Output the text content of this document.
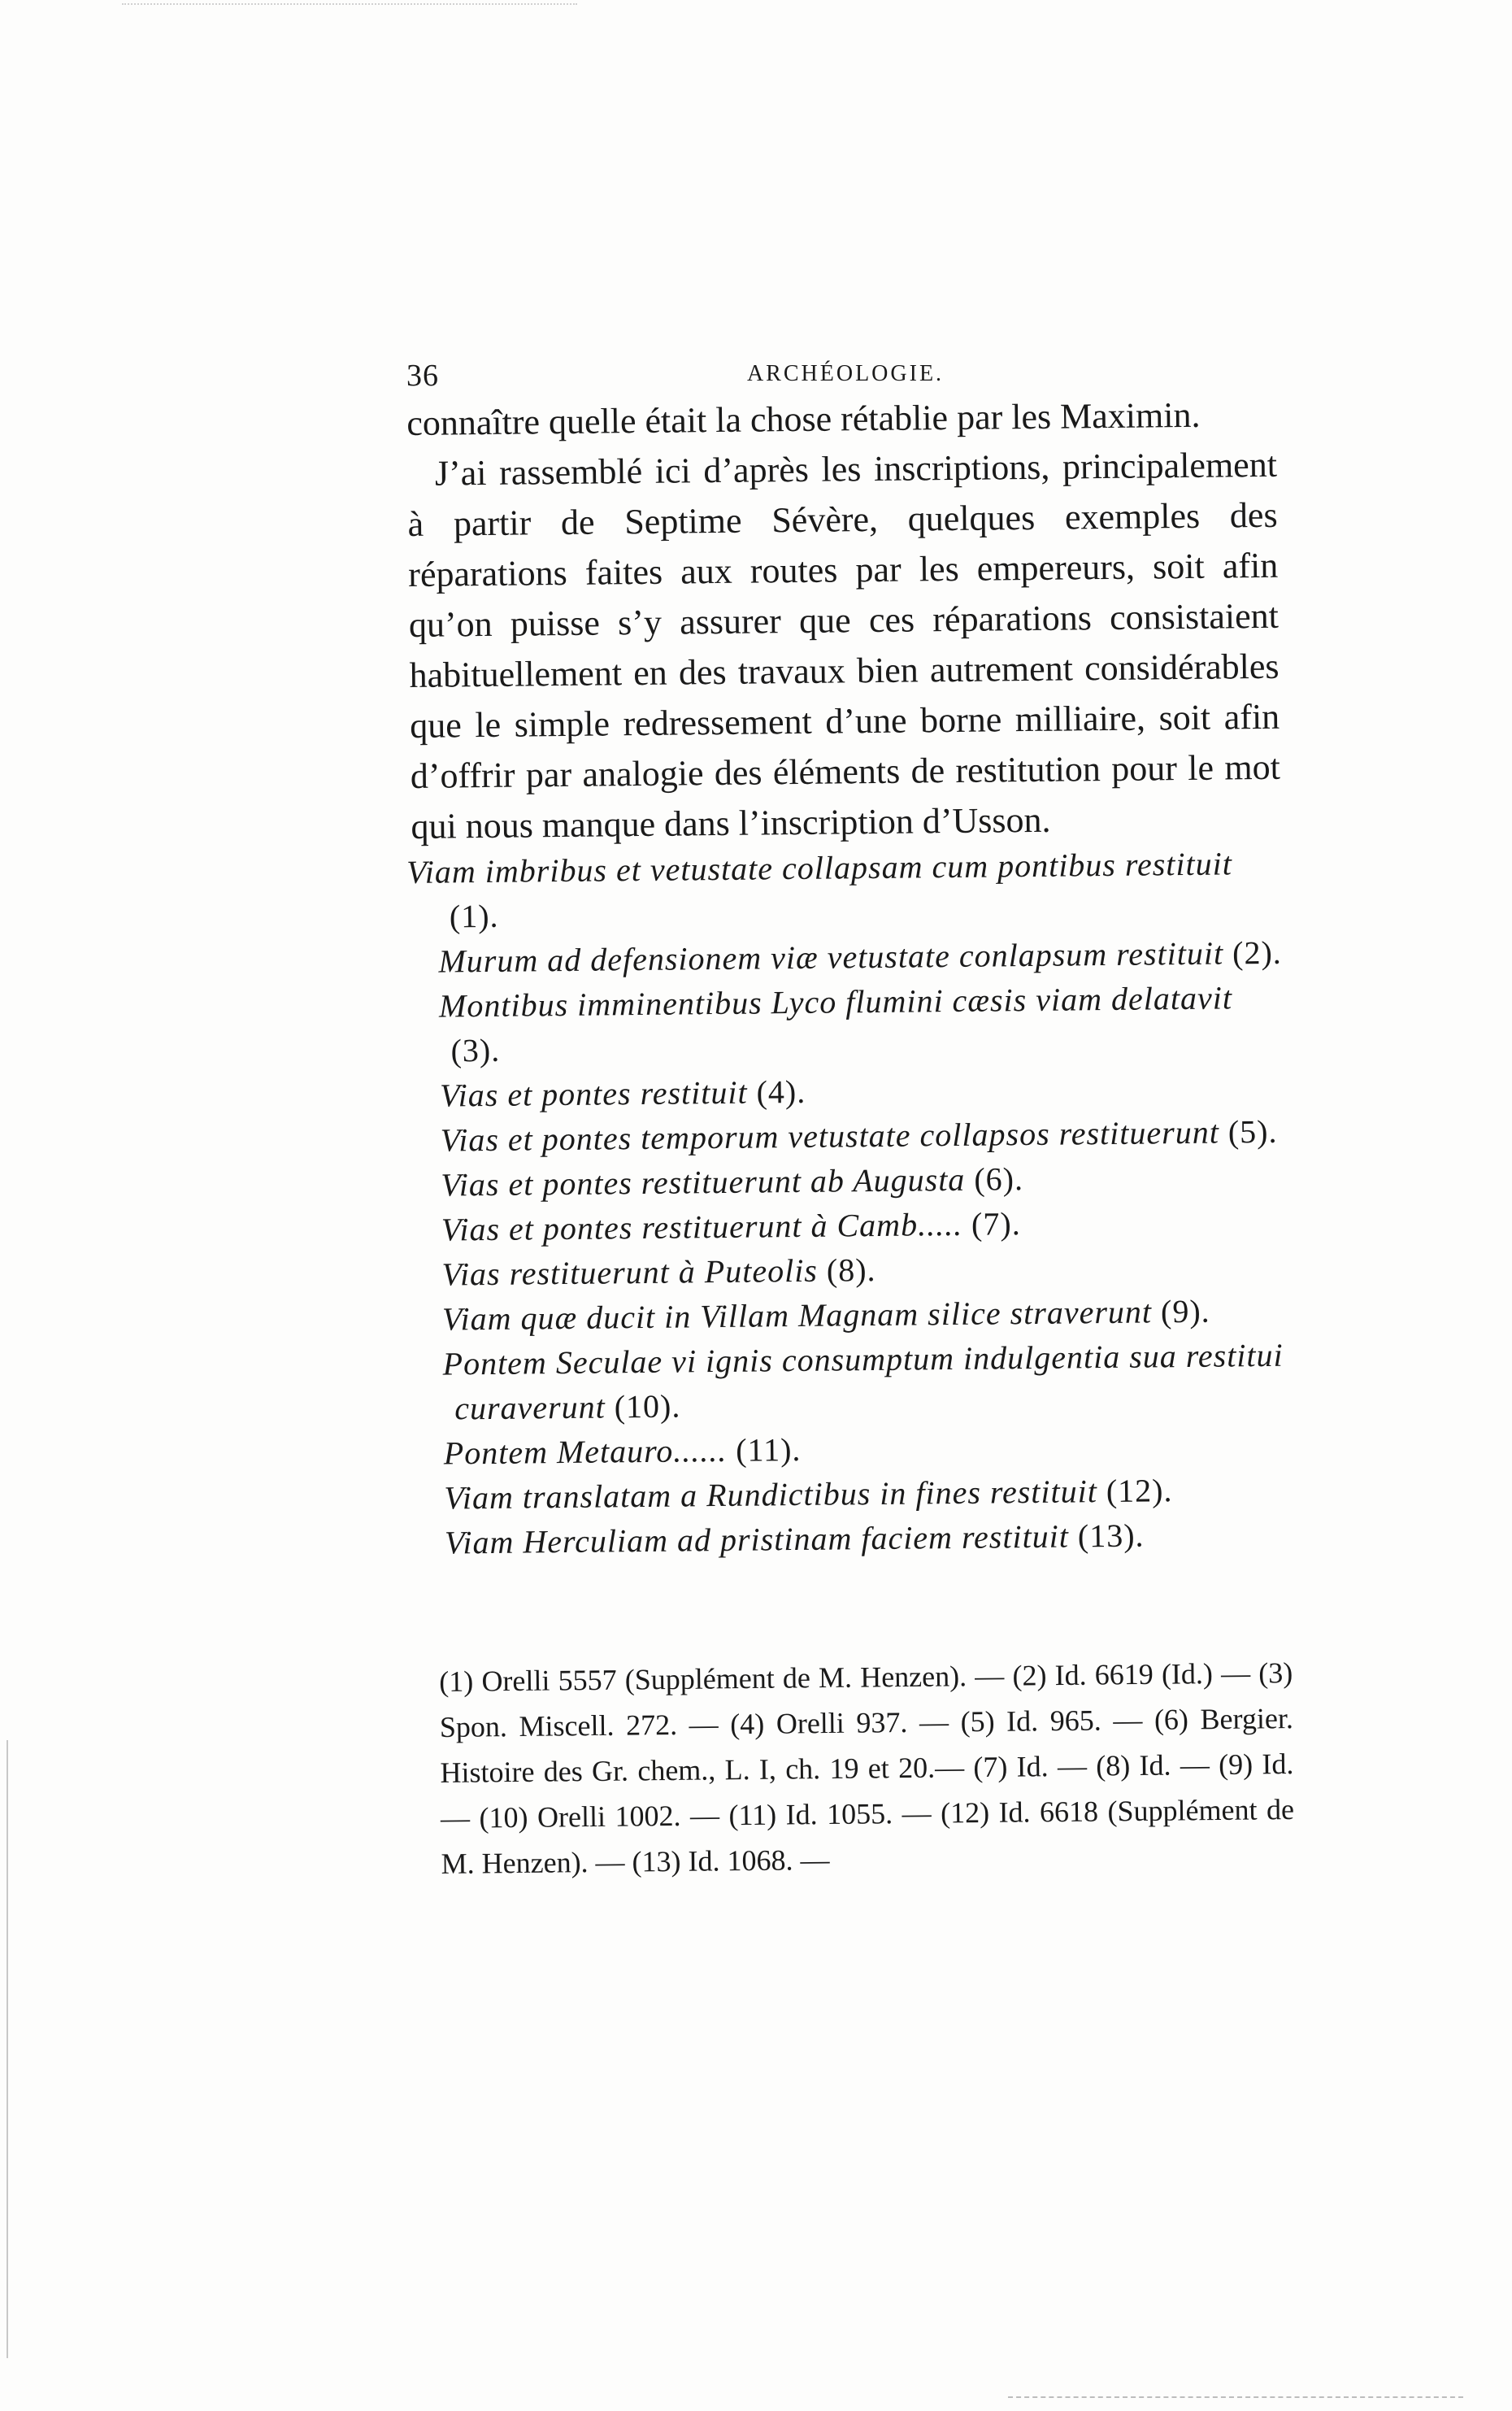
36	ARCHÉOLOGIE.

connaître quelle était la chose rétablie par les Maximin.

J’ai rassemblé ici d’après les inscriptions, principalement à partir de Septime Sévère, quelques exemples des réparations faites aux routes par les empereurs, soit afin qu’on puisse s’y assurer que ces réparations consistaient habituellement en des travaux bien autrement considérables que le simple redressement d’une borne milliaire, soit afin d’offrir par analogie des éléments de restitution pour le mot qui nous manque dans l’inscription d’Usson.

Viam imbribus et vetustate collapsam cum pontibus restituit (1).

Murum ad defensionem viæ vetustate conlapsum restituit (2).

Montibus imminentibus Lyco flumini cæsis viam delatavit (3).

Vias et pontes restituit (4).

Vias et pontes temporum vetustate collapsos restituerunt (5).

Vias et pontes restituerunt ab Augusta (6).

Vias et pontes restituerunt à Camb..... (7).

Vias restituerunt à Puteolis (8).

Viam quæ ducit in Villam Magnam silice straverunt (9).

Pontem Seculae vi ignis consumptum indulgentia sua restitui curaverunt (10).

Pontem Metauro...... (11).

Viam translatam a Rundictibus in fines restituit (12).

Viam Herculiam ad pristinam faciem restituit (13).

(1) Orelli 5557 (Supplément de M. Henzen). — (2) Id. 6619 (Id.) — (3) Spon. Miscell. 272. — (4) Orelli 937. — (5) Id. 965. — (6) Bergier. Histoire des Gr. chem., L. I, ch. 19 et 20.— (7) Id. — (8) Id. — (9) Id. — (10) Orelli 1002. — (11) Id. 1055. — (12) Id. 6618 (Supplément de M. Henzen). — (13) Id. 1068. —
